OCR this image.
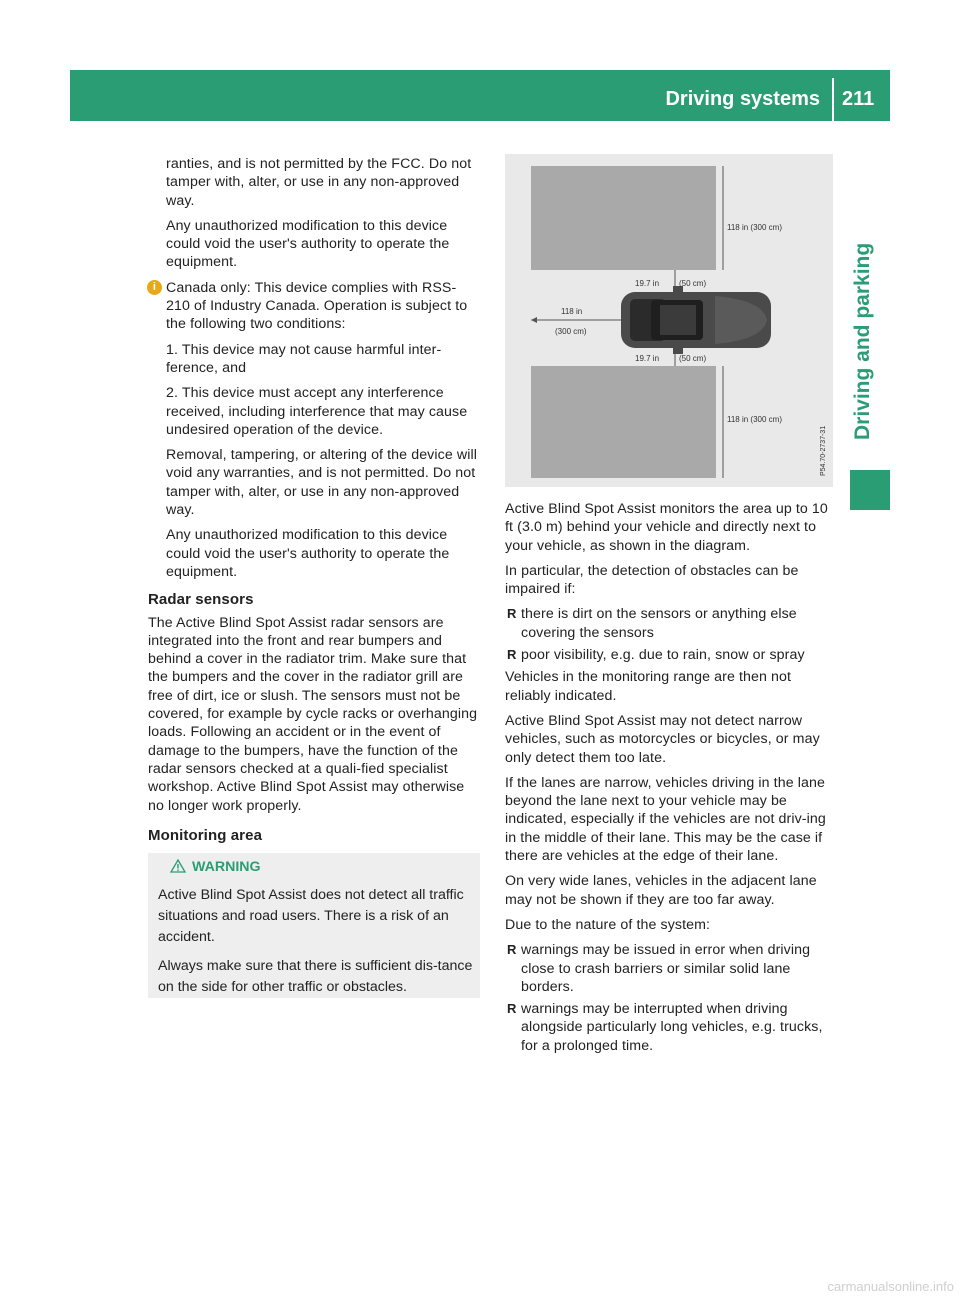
Driving systems 211
Driving and parking

ranties, and is not permitted by the FCC. Do not tamper with, alter, or use in any non-approved way.

Any unauthorized modification to this device could void the user's authority to operate the equipment.

i Canada only: This device complies with RSS-210 of Industry Canada. Operation is subject to the following two conditions:

1. This device may not cause harmful inter-ference, and

2. This device must accept any interference received, including interference that may cause undesired operation of the device.

Removal, tampering, or altering of the device will void any warranties, and is not permitted. Do not tamper with, alter, or use in any non-approved way.

Any unauthorized modification to this device could void the user's authority to operate the equipment.

Radar sensors

The Active Blind Spot Assist radar sensors are integrated into the front and rear bumpers and behind a cover in the radiator trim. Make sure that the bumpers and the cover in the radiator grill are free of dirt, ice or slush. The sensors must not be covered, for example by cycle racks or overhanging loads. Following an accident or in the event of damage to the bumpers, have the function of the radar sensors checked at a quali-fied specialist workshop. Active Blind Spot Assist may otherwise no longer work properly.

Monitoring area
WARNING

Active Blind Spot Assist does not detect all traffic situations and road users. There is a risk of an accident.

Always make sure that there is sufficient dis-tance on the side for other traffic or obstacles.

118 in (300 cm)
19.7 in (50 cm)
118 in
(300 cm)
19.7 in (50 cm)
118 in (300 cm)
P54.70-2737-31

Active Blind Spot Assist monitors the area up to 10 ft (3.0 m) behind your vehicle and directly next to your vehicle, as shown in the diagram.

In particular, the detection of obstacles can be impaired if:

R there is dirt on the sensors or anything else covering the sensors
R poor visibility, e.g. due to rain, snow or spray

Vehicles in the monitoring range are then not reliably indicated.

Active Blind Spot Assist may not detect narrow vehicles, such as motorcycles or bicycles, or may only detect them too late.

If the lanes are narrow, vehicles driving in the lane beyond the lane next to your vehicle may be indicated, especially if the vehicles are not driv-ing in the middle of their lane. This may be the case if there are vehicles at the edge of their lane.

On very wide lanes, vehicles in the adjacent lane may not be shown if they are too far away.

Due to the nature of the system:

R warnings may be issued in error when driving close to crash barriers or similar solid lane borders.
R warnings may be interrupted when driving alongside particularly long vehicles, e.g. trucks, for a prolonged time.
carmanualsonline.info
